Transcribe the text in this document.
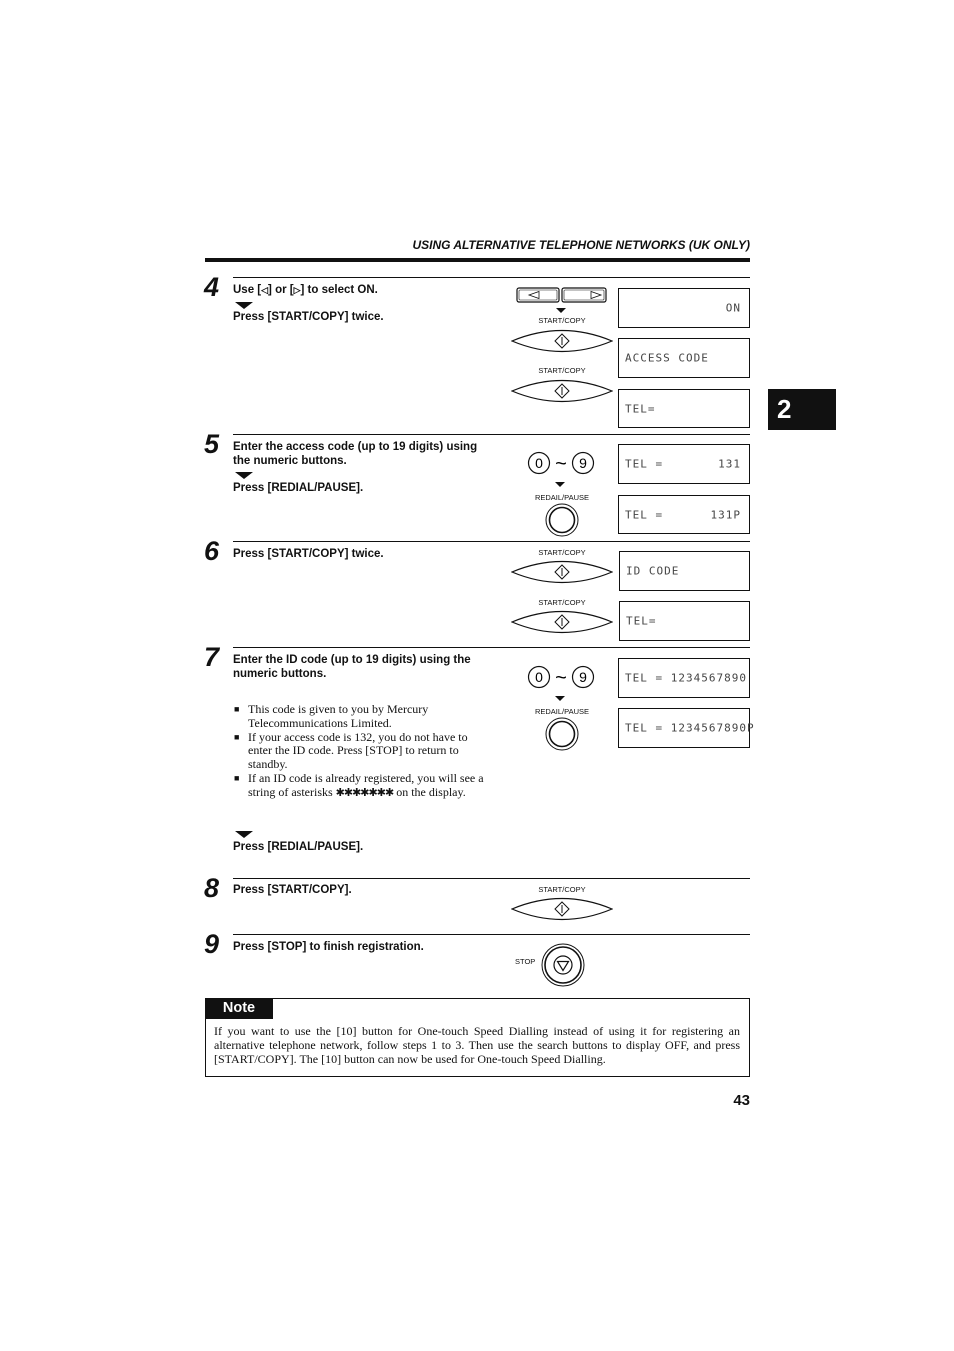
USING ALTERNATIVE TELEPHONE NETWORKS (UK ONLY)
2
4 Use [◁] or [▷] to select ON.
Press [START/COPY] twice.	START/COPY
START/COPY
ON
ACCESS CODE
TEL=
5 Enter the access code (up to 19 digits) using the numeric buttons.
Press [REDIAL/PAUSE].
0 ~ 9
REDAIL/PAUSE
TEL =	131
TEL =	131P
6 Press [START/COPY] twice.	START/COPY
START/COPY
ID CODE
TEL=
7 Enter the ID code (up to 19 digits) using the numeric buttons.
■ This code is given to you by Mercury Telecommunications Limited.
■ If your access code is 132, you do not have to enter the ID code. Press [STOP] to return to standby.
■ If an ID code is already registered, you will see a string of asterisks ✱✱✱✱✱✱✱ on the display.
Press [REDIAL/PAUSE].
0 ~ 9
REDAIL/PAUSE
TEL = 1234567890
TEL = 1234567890P
8 Press [START/COPY].	START/COPY
9 Press [STOP] to finish registration.
STOP
Note
If you want to use the [10] button for One-touch Speed Dialling instead of using it for registering an alternative telephone network, follow steps 1 to 3. Then use the search buttons to display OFF, and press [START/COPY]. The [10] button can now be used for One-touch Speed Dialling.
43
